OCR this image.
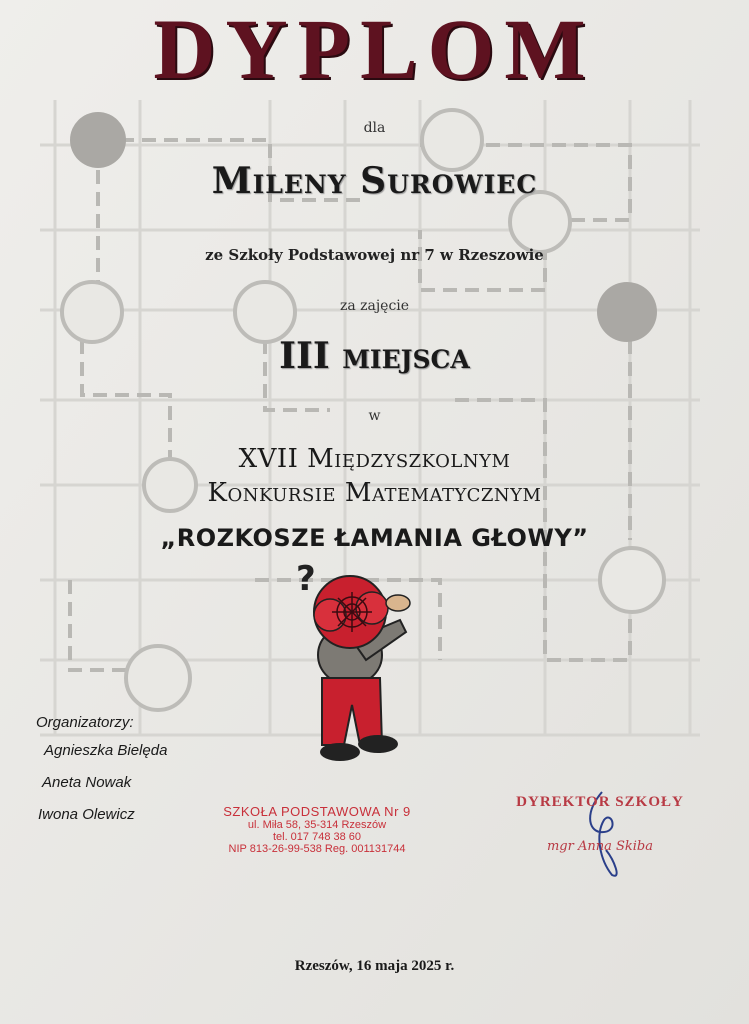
?
DYPLOM
dla
Mileny Surowiec
ze Szkoły Podstawowej nr 7 w Rzeszowie
za zajęcie
III miejsca
w
XVII Międzyszkolnym
Konkursie Matematycznym
„ROZKOSZE ŁAMANIA GŁOWY”
Organizatorzy:
Agnieszka Bielęda
Aneta Nowak
Iwona Olewicz	SZKOŁA PODSTAWOWA Nr 9
ul. Miła 58, 35-314 Rzeszów
tel. 017 748 38 60
NIP 813-26-99-538 Reg. 001131744
DYREKTOR SZKOŁY
mgr Anna Skiba
Rzeszów, 16 maja 2025 r.
